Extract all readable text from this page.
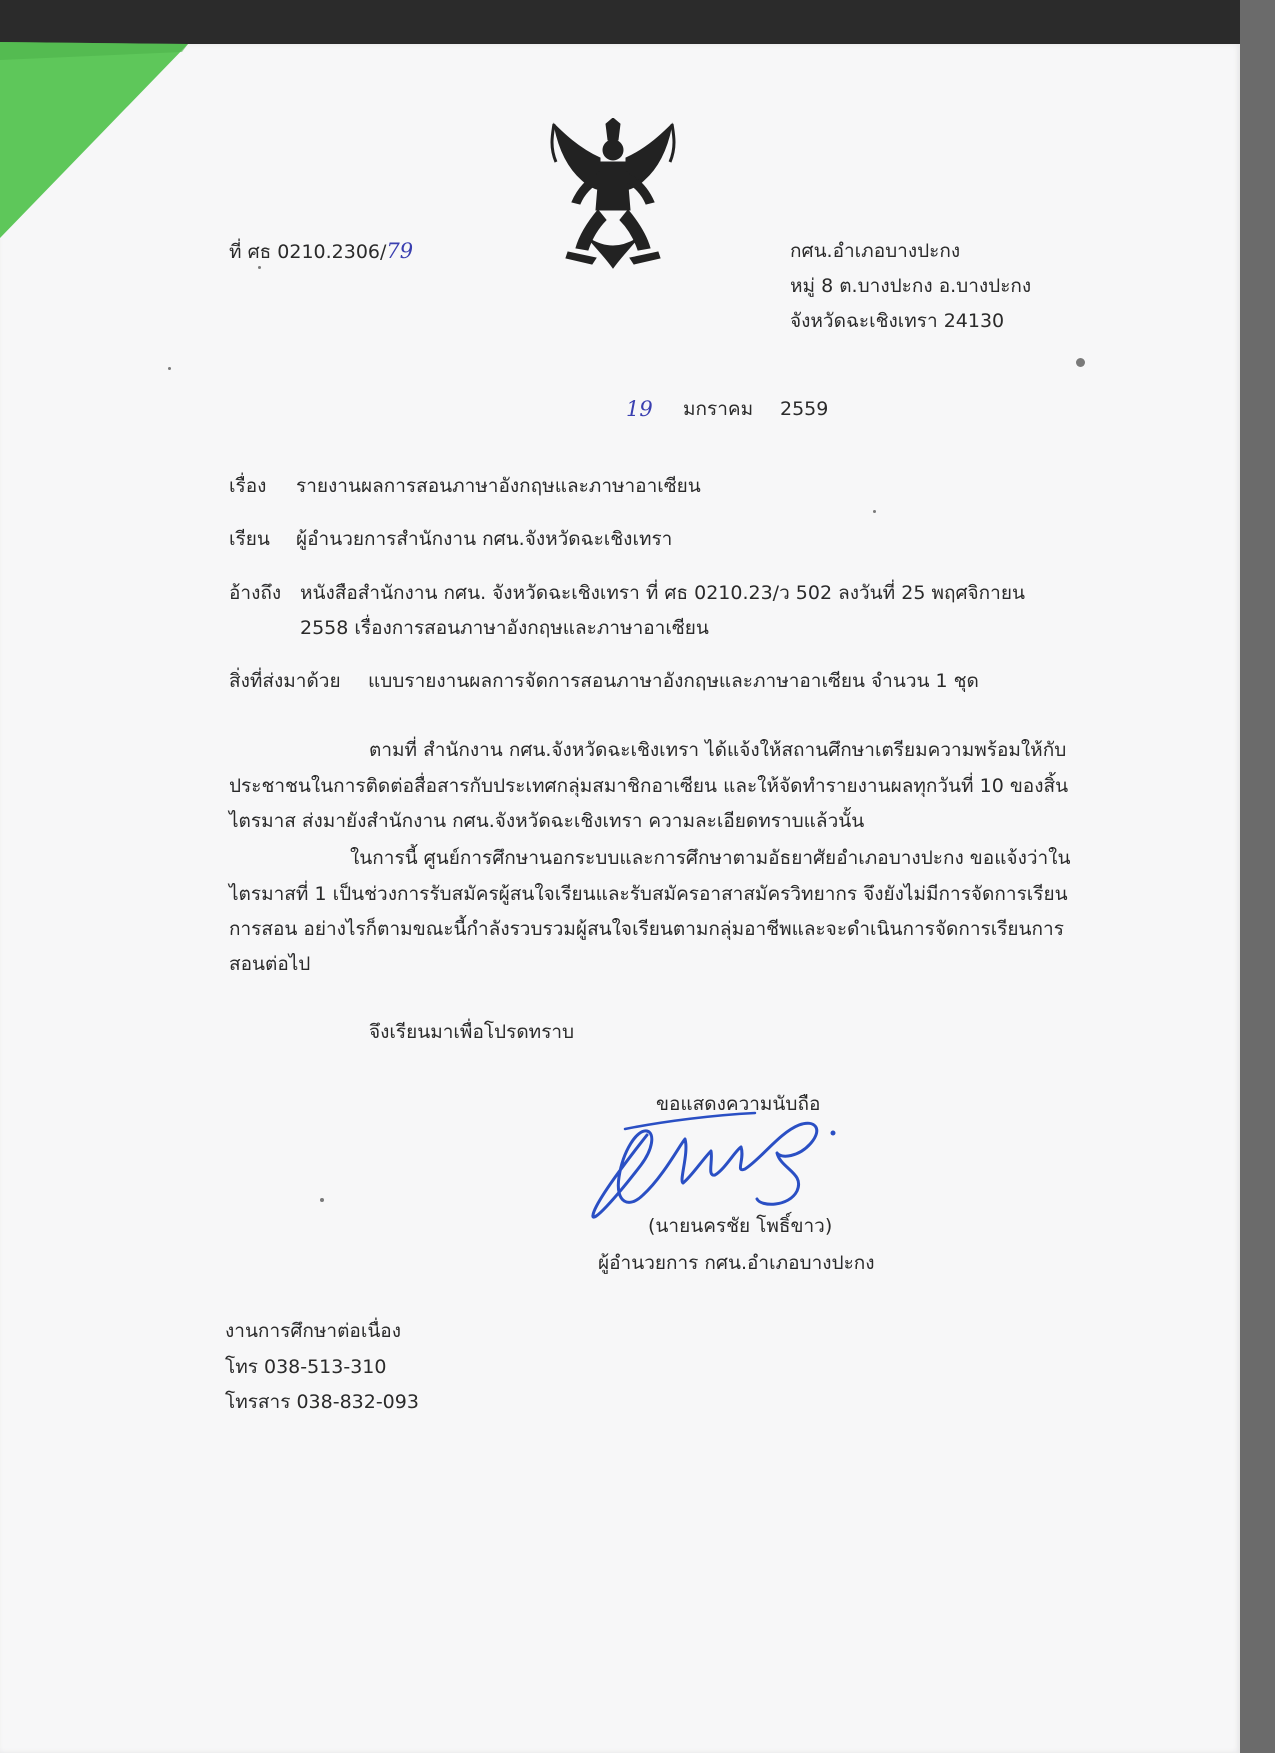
ที่ ศธ 0210.2306/79	กศน.อำเภอบางปะกง
หมู่ 8 ต.บางปะกง อ.บางปะกง
จังหวัดฉะเชิงเทรา 24130
19 มกราคม 2559
เรื่อง รายงานผลการสอนภาษาอังกฤษและภาษาอาเซียน
เรียน ผู้อำนวยการสำนักงาน กศน.จังหวัดฉะเชิงเทรา
อ้างถึง หนังสือสำนักงาน กศน. จังหวัดฉะเชิงเทรา ที่ ศธ 0210.23/ว 502 ลงวันที่ 25 พฤศจิกายน
2558 เรื่องการสอนภาษาอังกฤษและภาษาอาเซียน
สิ่งที่ส่งมาด้วย แบบรายงานผลการจัดการสอนภาษาอังกฤษและภาษาอาเซียน จำนวน 1 ชุด
ตามที่ สำนักงาน กศน.จังหวัดฉะเชิงเทรา ได้แจ้งให้สถานศึกษาเตรียมความพร้อมให้กับ
ประชาชนในการติดต่อสื่อสารกับประเทศกลุ่มสมาชิกอาเซียน และให้จัดทำรายงานผลทุกวันที่ 10 ของสิ้น
ไตรมาส ส่งมายังสำนักงาน กศน.จังหวัดฉะเชิงเทรา ความละเอียดทราบแล้วนั้น
ในการนี้ ศูนย์การศึกษานอกระบบและการศึกษาตามอัธยาศัยอำเภอบางปะกง ขอแจ้งว่าใน
ไตรมาสที่ 1 เป็นช่วงการรับสมัครผู้สนใจเรียนและรับสมัครอาสาสมัครวิทยากร จึงยังไม่มีการจัดการเรียน
การสอน อย่างไรก็ตามขณะนี้กำลังรวบรวมผู้สนใจเรียนตามกลุ่มอาชีพและจะดำเนินการจัดการเรียนการ
สอนต่อไป
จึงเรียนมาเพื่อโปรดทราบ
ขอแสดงความนับถือ
(นายนครชัย โพธิ์ขาว)
ผู้อำนวยการ กศน.อำเภอบางปะกง
งานการศึกษาต่อเนื่อง
โทร 038-513-310
โทรสาร 038-832-093
